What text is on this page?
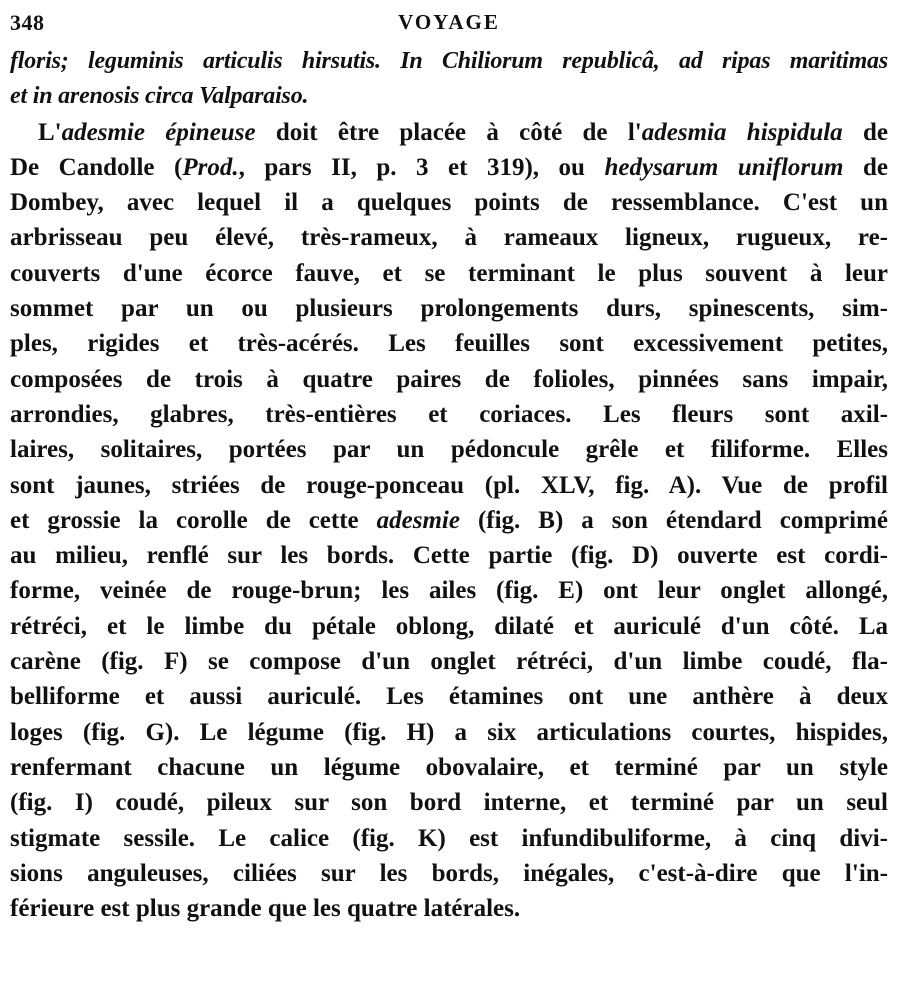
348	VOYAGE
floris; leguminis articulis hirsutis. In Chiliorum republicâ, ad ripas maritimas
et in arenosis circa Valparaiso.
L'adesmie épineuse doit être placée à côté de l'adesmia hispidula de
De Candolle (Prod., pars II, p. 3 et 319), ou hedysarum uniflorum de
Dombey, avec lequel il a quelques points de ressemblance. C'est un
arbrisseau peu élevé, très-rameux, à rameaux ligneux, rugueux, re-
couverts d'une écorce fauve, et se terminant le plus souvent à leur
sommet par un ou plusieurs prolongements durs, spinescents, sim-
ples, rigides et très-acérés. Les feuilles sont excessivement petites,
composées de trois à quatre paires de folioles, pinnées sans impair,
arrondies, glabres, très-entières et coriaces. Les fleurs sont axil-
laires, solitaires, portées par un pédoncule grêle et filiforme. Elles
sont jaunes, striées de rouge-ponceau (pl. XLV, fig. A). Vue de profil
et grossie la corolle de cette adesmie (fig. B) a son étendard comprimé
au milieu, renflé sur les bords. Cette partie (fig. D) ouverte est cordi-
forme, veinée de rouge-brun; les ailes (fig. E) ont leur onglet allongé,
rétréci, et le limbe du pétale oblong, dilaté et auriculé d'un côté. La
carène (fig. F) se compose d'un onglet rétréci, d'un limbe coudé, fla-
belliforme et aussi auriculé. Les étamines ont une anthère à deux
loges (fig. G). Le légume (fig. H) a six articulations courtes, hispides,
renfermant chacune un légume obovalaire, et terminé par un style
(fig. I) coudé, pileux sur son bord interne, et terminé par un seul
stigmate sessile. Le calice (fig. K) est infundibuliforme, à cinq divi-
sions anguleuses, ciliées sur les bords, inégales, c'est-à-dire que l'in-
férieure est plus grande que les quatre latérales.
